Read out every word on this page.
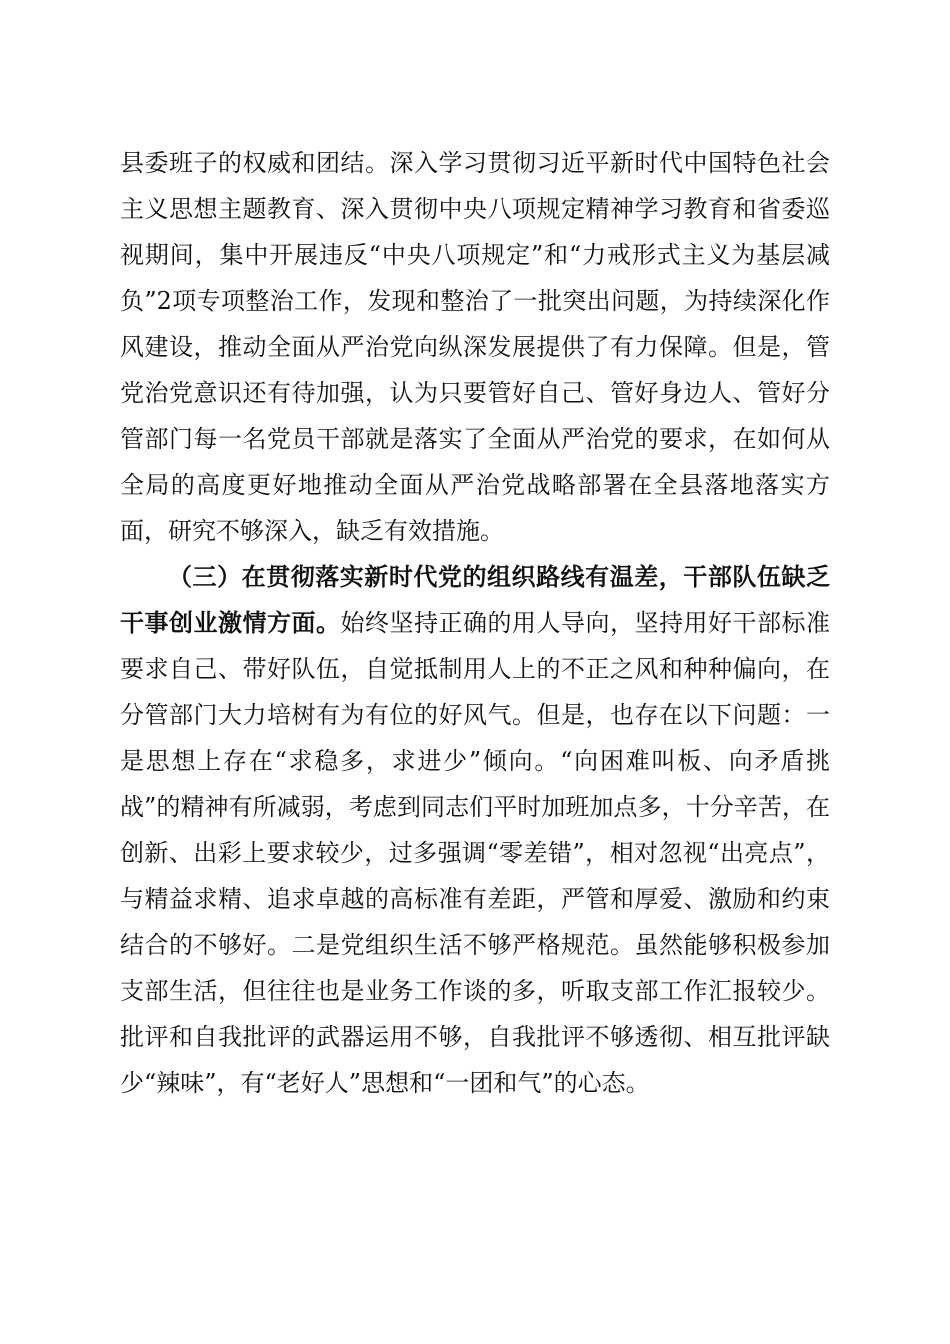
县委班子的权威和团结。深入学习贯彻习近平新时代中国特色社会主义思想主题教育、深入贯彻中央八项规定精神学习教育和省委巡视期间，集中开展违反“中央八项规定”和“力戒形式主义为基层减负”2项专项整治工作，发现和整治了一批突出问题，为持续深化作风建设，推动全面从严治党向纵深发展提供了有力保障。但是，管党治党意识还有待加强，认为只要管好自己、管好身边人、管好分管部门每一名党员干部就是落实了全面从严治党的要求，在如何从全局的高度更好地推动全面从严治党战略部署在全县落地落实方面，研究不够深入，缺乏有效措施。

（三）在贯彻落实新时代党的组织路线有温差，干部队伍缺乏干事创业激情方面。始终坚持正确的用人导向，坚持用好干部标准要求自己、带好队伍，自觉抵制用人上的不正之风和种种偏向，在分管部门大力培树有为有位的好风气。但是，也存在以下问题：一是思想上存在“求稳多，求进少”倾向。“向困难叫板、向矛盾挑战”的精神有所减弱，考虑到同志们平时加班加点多，十分辛苦，在创新、出彩上要求较少，过多强调“零差错”，相对忽视“出亮点”，与精益求精、追求卓越的高标准有差距，严管和厚爱、激励和约束结合的不够好。二是党组织生活不够严格规范。虽然能够积极参加支部生活，但往往也是业务工作谈的多，听取支部工作汇报较少。批评和自我批评的武器运用不够，自我批评不够透彻、相互批评缺少“辣味”，有“老好人”思想和“一团和气”的心态。
